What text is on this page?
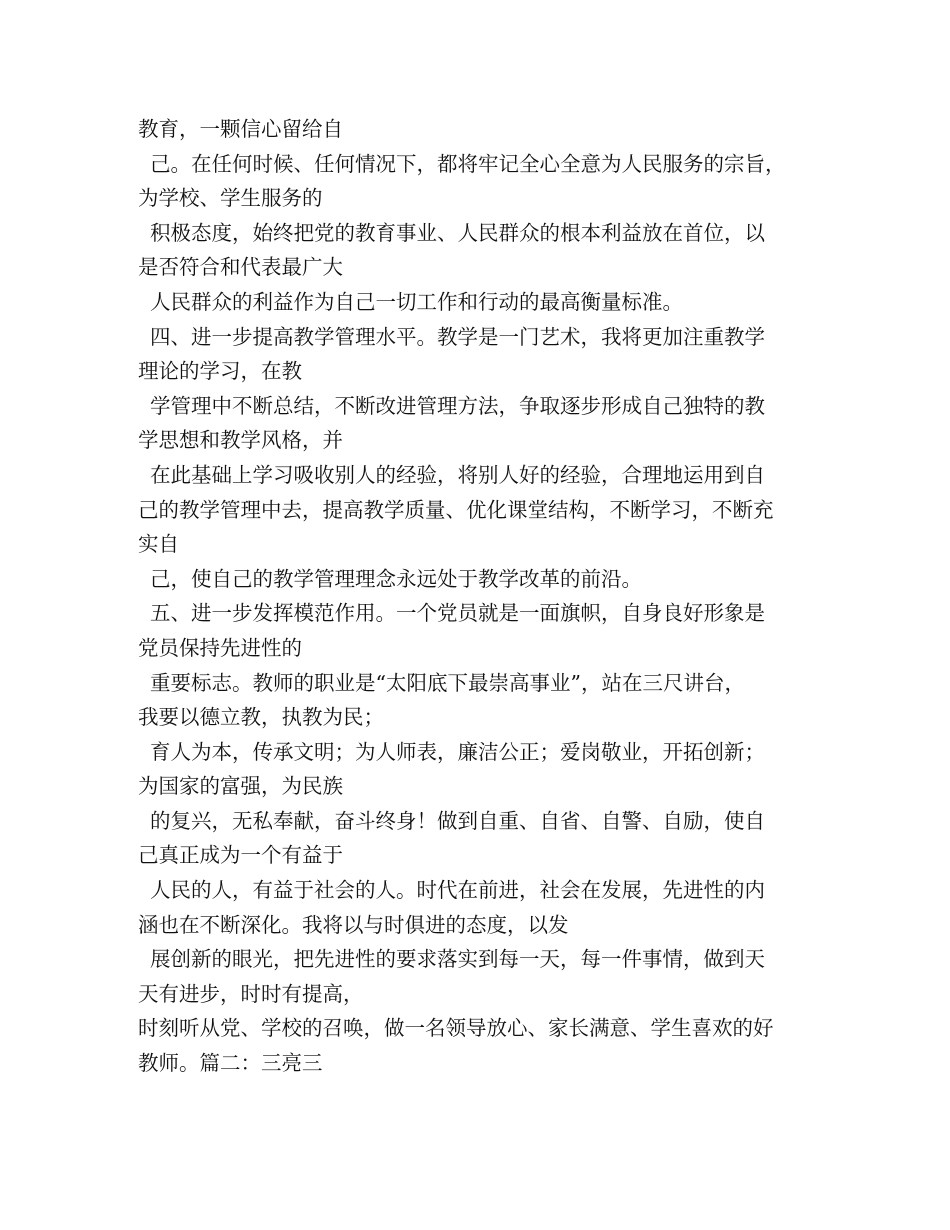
教育，一颗信心留给自
己。在任何时候、任何情况下，都将牢记全心全意为人民服务的宗旨，
为学校、学生服务的
积极态度，始终把党的教育事业、人民群众的根本利益放在首位，以
是否符合和代表最广大
人民群众的利益作为自己一切工作和行动的最高衡量标准。
四、进一步提高教学管理水平。教学是一门艺术，我将更加注重教学
理论的学习，在教
学管理中不断总结，不断改进管理方法，争取逐步形成自己独特的教
学思想和教学风格，并
在此基础上学习吸收别人的经验，将别人好的经验，合理地运用到自
己的教学管理中去，提高教学质量、优化课堂结构，不断学习，不断充
实自
己，使自己的教学管理理念永远处于教学改革的前沿。
五、进一步发挥模范作用。一个党员就是一面旗帜，自身良好形象是
党员保持先进性的
重要标志。教师的职业是“太阳底下最崇高事业”，站在三尺讲台，
我要以德立教，执教为民；
育人为本，传承文明；为人师表，廉洁公正；爱岗敬业，开拓创新；
为国家的富强，为民族
的复兴，无私奉献，奋斗终身！做到自重、自省、自警、自励，使自
己真正成为一个有益于
人民的人，有益于社会的人。时代在前进，社会在发展，先进性的内
涵也在不断深化。我将以与时俱进的态度，以发
展创新的眼光，把先进性的要求落实到每一天，每一件事情，做到天
天有进步，时时有提高，
时刻听从党、学校的召唤，做一名领导放心、家长满意、学生喜欢的好
教师。篇二：三亮三
